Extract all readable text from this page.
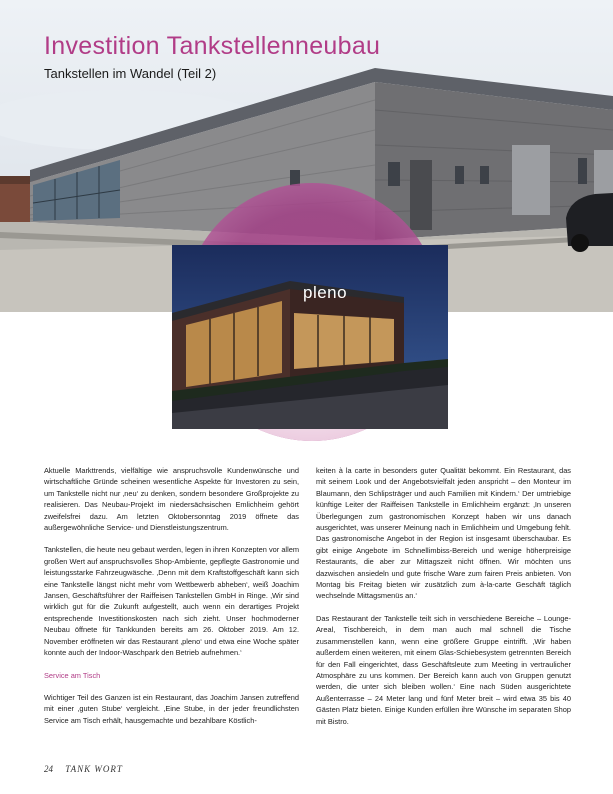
Investition Tankstellenneubau
Tankstellen im Wandel (Teil 2)
pleno

Aktuelle Markttrends, vielfältige wie anspruchsvolle Kundenwünsche und wirtschaftliche Gründe scheinen wesentliche Aspekte für Investoren zu sein, um Tankstelle nicht nur ‚neu‘ zu denken, sondern besondere Großprojekte zu realisieren. Das Neubau-Projekt im niedersächsischen Emlichheim gehört zweifelsfrei dazu. Am letzten Oktobersonntag 2019 öffnete das außergewöhnliche Service- und Dienstleistungszentrum.

Tankstellen, die heute neu gebaut werden, legen in ihren Konzepten vor allem großen Wert auf anspruchsvolles Shop-Ambiente, gepflegte Gastronomie und leistungsstarke Fahrzeugwäsche. ‚Denn mit dem Kraftstoffgeschäft kann sich eine Tankstelle längst nicht mehr vom Wettbewerb abheben‘, weiß Joachim Jansen, Geschäftsführer der Raiffeisen Tankstellen GmbH in Ringe. ‚Wir sind wirklich gut für die Zukunft aufgestellt, auch wenn ein derartiges Projekt entsprechende Investitionskosten nach sich zieht. Unser hochmoderner Neubau öffnete für Tankkunden bereits am 26. Oktober 2019. Am 12. November eröffneten wir das Restaurant ‚pleno‘ und etwa eine Woche später konnte auch der Indoor-Waschpark den Betrieb aufnehmen.‘

Service am Tisch

Wichtiger Teil des Ganzen ist ein Restaurant, das Joachim Jansen zutreffend mit einer ‚guten Stube‘ vergleicht. ‚Eine Stube, in der jeder freundlichsten Service am Tisch erhält, hausgemachte und bezahlbare Köstlich-

keiten à la carte in besonders guter Qualität bekommt. Ein Restaurant, das mit seinem Look und der Angebotsvielfalt jeden anspricht – den Monteur im Blaumann, den Schlipsträger und auch Familien mit Kindern.‘ Der umtriebige künftige Leiter der Raiffeisen Tankstelle in Emlichheim ergänzt: ‚In unseren Überlegungen zum gastronomischen Konzept haben wir uns danach ausgerichtet, was unserer Meinung nach in Emlichheim und Umgebung fehlt. Das gastronomische Angebot in der Region ist insgesamt überschaubar. Es gibt einige Angebote im Schnellimbiss-Bereich und wenige höherpreisige Restaurants, die aber zur Mittagszeit nicht öffnen. Wir möchten uns dazwischen ansiedeln und gute frische Ware zum fairen Preis anbieten. Von Montag bis Freitag bieten wir zusätzlich zum à-la-carte Geschäft täglich wechselnde Mittagsmenüs an.‘

Das Restaurant der Tankstelle teilt sich in verschiedene Bereiche – Lounge-Areal, Tischbereich, in dem man auch mal schnell die Tische zusammenstellen kann, wenn eine größere Gruppe eintrifft. ‚Wir haben außerdem einen weiteren, mit einem Glas-Schiebesystem getrennten Bereich für den Fall eingerichtet, dass Geschäftsleute zum Meeting in vertraulicher Atmosphäre zu uns kommen. Der Bereich kann auch von Gruppen genutzt werden, die unter sich bleiben wollen.‘ Eine nach Süden ausgerichtete Außenterrasse – 24 Meter lang und fünf Meter breit – wird etwa 35 bis 40 Gästen Platz bieten. Einige Kunden erfüllen ihre Wünsche im separaten Shop mit Bistro.

24 TANK WORT
